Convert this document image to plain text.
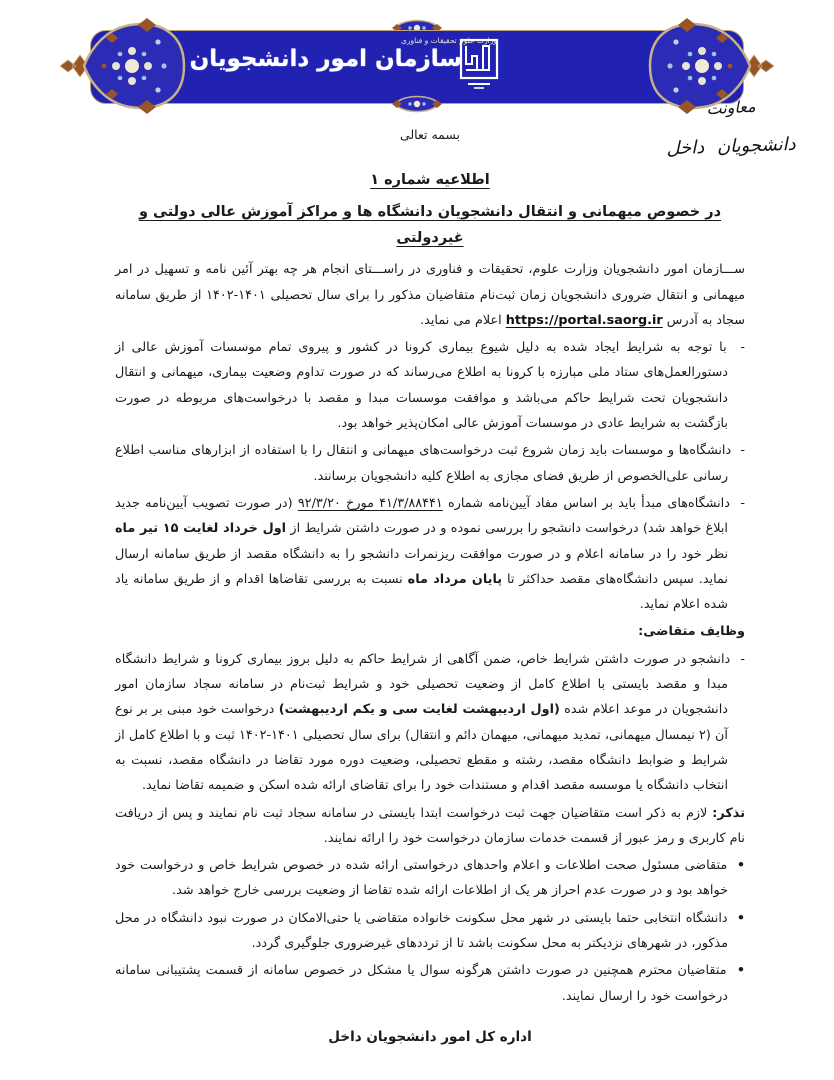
وزارت علوم تحقیقات و فناوری
سازمان امور دانشجویان
معاونت
دانشجویان داخل
بسمه تعالی
اطلاعیه شماره ۱
در خصوص میهمانی و انتقال دانشجویان دانشگاه ها و مراکز آموزش عالی دولتی و غیردولتی

ســـازمان امور دانشجویان وزارت علوم، تحقیقات و فناوری در راســـتای انجام هر چه بهتر آئین نامه و تسهیل در امر میهمانی و انتقال ضروری دانشجویان زمان ثبت‌نام متقاضیان مذکور را برای سال تحصیلی ۱۴۰۱-۱۴۰۲ از طریق سامانه سجاد به آدرس https://portal.saorg.ir اعلام می نماید.

-  با توجه به شرایط ایجاد شده به دلیل شیوع بیماری کرونا در کشور و پیروی تمام موسسات آموزش عالی از دستورالعمل‌های ستاد ملی مبارزه با کرونا به اطلاع می‌رساند که در صورت تداوم وضعیت بیماری، میهمانی و انتقال دانشجویان تحت شرایط حاکم می‌باشد و موافقت موسسات مبدا و مقصد با درخواست‌های مربوطه در صورت بازگشت به شرایط عادی در موسسات آموزش عالی امکان‌پذیر خواهد بود.

-  دانشگاه‌ها و موسسات باید زمان شروع ثبت درخواست‌های میهمانی و انتقال را با استفاده از ابزارهای مناسب اطلاع رسانی علی‌الخصوص از طریق فضای مجازی به اطلاع کلیه دانشجویان برسانند.

-  دانشگاه‌های مبدأ باید بر اساس مفاد آیین‌نامه شماره ۴۱/۳/۸۸۴۴۱ مورخ ۹۲/۳/۲۰ (در صورت تصویب آیین‌نامه جدید ابلاغ خواهد شد) درخواست دانشجو را بررسی نموده و در صورت داشتن شرایط از اول خرداد لغایت ۱۵ تیر ماه نظر خود را در سامانه اعلام و در صورت موافقت ریزنمرات دانشجو را به دانشگاه مقصد از طریق سامانه ارسال نماید. سپس دانشگاه‌های مقصد حداکثر تا پایان مرداد ماه نسبت به بررسی تقاضاها اقدام و از طریق سامانه یاد شده اعلام نماید.

وظایف متقاضی:

-  دانشجو در صورت داشتن شرایط خاص، ضمن آگاهی از شرایط حاکم به دلیل بروز بیماری کرونا و شرایط دانشگاه مبدا و مقصد بایستی با اطلاع کامل از وضعیت تحصیلی خود و شرایط ثبت‌نام در سامانه سجاد سازمان امور دانشجویان در موعد اعلام شده (اول اردیبهشت لغایت سی و یکم اردیبهشت) درخواست خود مبنی بر بر نوع آن (۲ نیمسال میهمانی، تمدید میهمانی، میهمان دائم و انتقال) برای سال تحصیلی ۱۴۰۱-۱۴۰۲ ثبت و با اطلاع کامل از شرایط و ضوابط دانشگاه مقصد، رشته و مقطع تحصیلی، وضعیت دوره مورد تقاضا در دانشگاه مقصد، نسبت به انتخاب دانشگاه یا موسسه مقصد اقدام و مستندات خود را برای تقاضای ارائه شده اسکن و ضمیمه تقاضا نماید.

تذکر: لازم به ذکر است متقاضیان جهت ثبت درخواست ابتدا بایستی در سامانه سجاد ثبت نام نمایند و پس از دریافت نام کاربری و رمز عبور از قسمت خدمات سازمان درخواست خود را ارائه نمایند.

•  متقاضی مسئول صحت اطلاعات و اعلام واحدهای درخواستی ارائه شده در خصوص شرایط خاص و درخواست خود خواهد بود و در صورت عدم احراز هر یک از اطلاعات ارائه شده تقاضا از وضعیت بررسی خارج خواهد شد.

•  دانشگاه انتخابی حتما بایستی در شهر محل سکونت خانواده متقاضی یا حتی‌الامکان در صورت نبود دانشگاه در محل مذکور، در شهرهای نزدیکتر به محل سکونت باشد تا از ترددهای غیرضروری جلوگیری گردد.

•  متقاضیان محترم همچنین در صورت داشتن هرگونه سوال یا مشکل در خصوص سامانه از قسمت پشتیبانی سامانه درخواست خود را ارسال نمایند.

اداره کل امور دانشجویان داخل
